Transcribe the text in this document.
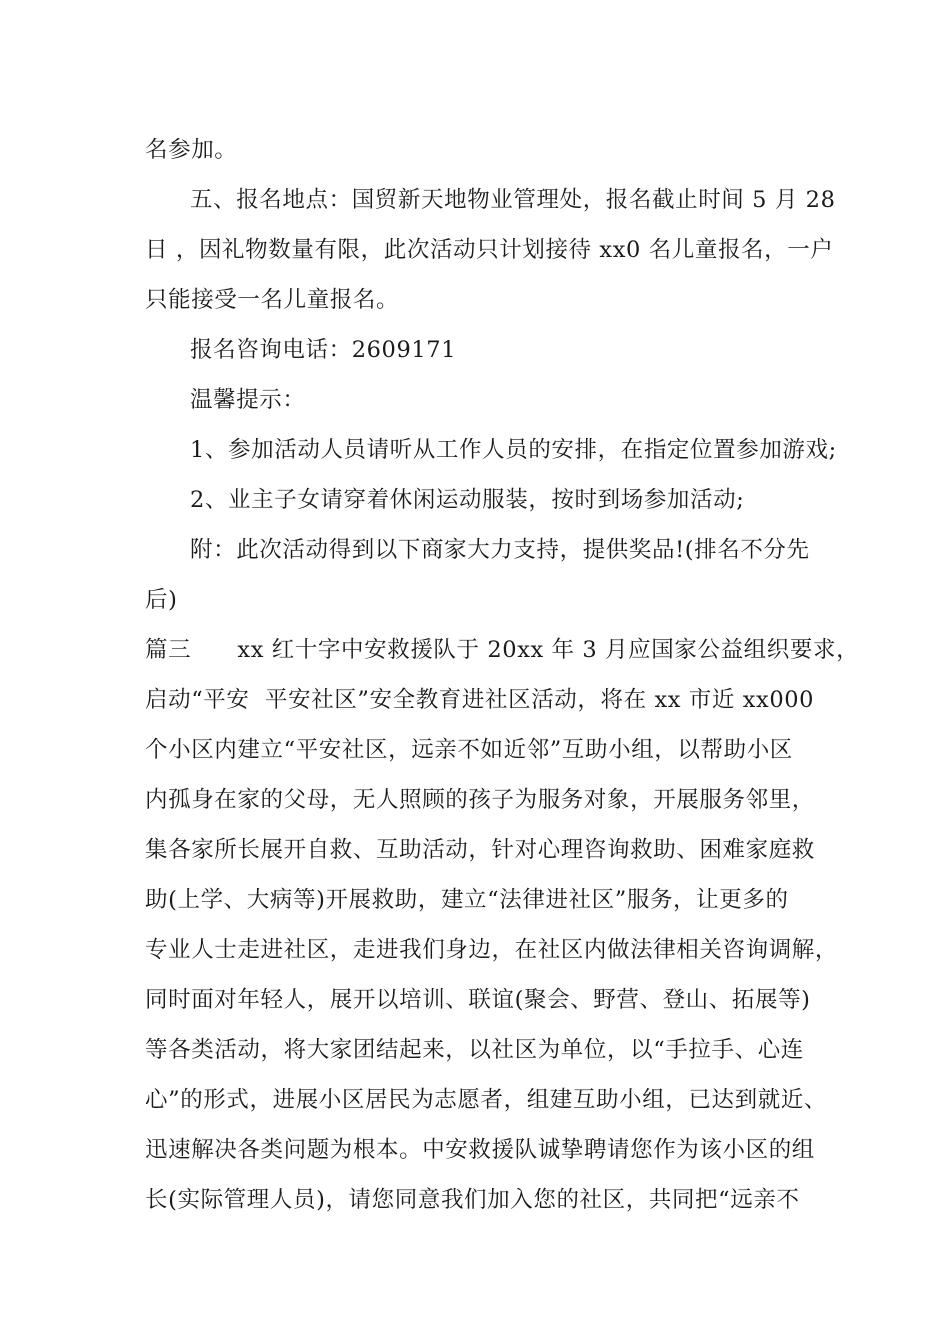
名参加。
五、报名地点：国贸新天地物业管理处，报名截止时间 5 月 28
日 ，因礼物数量有限，此次活动只计划接待 xx0 名儿童报名，一户
只能接受一名儿童报名。
报名咨询电话：2609171
温馨提示：
1、参加活动人员请听从工作人员的安排，在指定位置参加游戏;
2、业主子女请穿着休闲运动服装，按时到场参加活动;
附：此次活动得到以下商家大力支持，提供奖品!(排名不分先
后)
篇三　　xx 红十字中安救援队于 20xx 年 3 月应国家公益组织要求，
启动“平安  平安社区”安全教育进社区活动，将在 xx 市近 xx000
个小区内建立“平安社区，远亲不如近邻”互助小组，以帮助小区
内孤身在家的父母，无人照顾的孩子为服务对象，开展服务邻里，
集各家所长展开自救、互助活动，针对心理咨询救助、困难家庭救
助(上学、大病等)开展救助，建立“法律进社区”服务，让更多的
专业人士走进社区，走进我们身边，在社区内做法律相关咨询调解，
同时面对年轻人，展开以培训、联谊(聚会、野营、登山、拓展等)
等各类活动，将大家团结起来，以社区为单位，以“手拉手、心连
心”的形式，进展小区居民为志愿者，组建互助小组，已达到就近、
迅速解决各类问题为根本。中安救援队诚挚聘请您作为该小区的组
长(实际管理人员)，请您同意我们加入您的社区，共同把“远亲不
